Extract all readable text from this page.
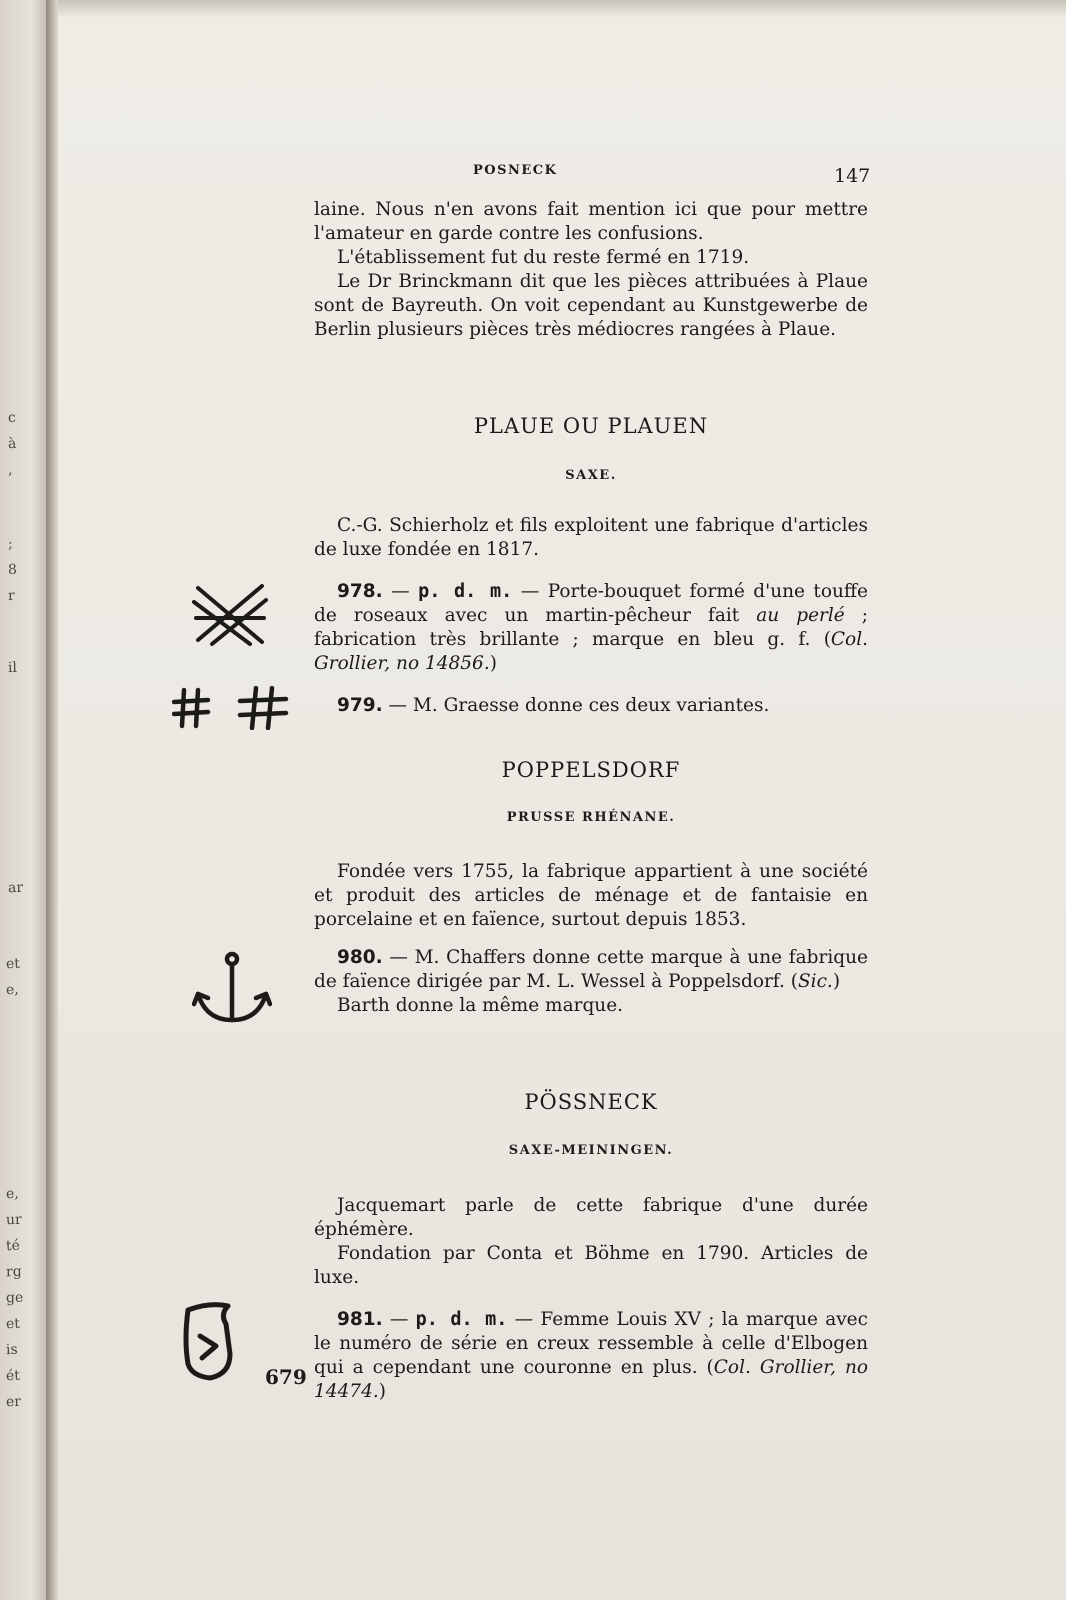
c
à
,
;
8
r
il
ar
et
e,
e,
ur
té
rg
ge
et
is
ét
er
POSNECK	147

laine. Nous n'en avons fait mention ici que pour mettre l'amateur en garde contre les confusions.

L'établissement fut du reste fermé en 1719.

Le Dr Brinckmann dit que les pièces attribuées à Plaue sont de Bayreuth. On voit cependant au Kunstgewerbe de Berlin plusieurs pièces très médiocres rangées à Plaue.

PLAUE OU PLAUEN
SAXE.

C.-G. Schierholz et fils exploitent une fabrique d'articles de luxe fondée en 1817.

978. — p. d. m. — Porte-bouquet formé d'une touffe de roseaux avec un martin-pêcheur fait au perlé ; fabrication très brillante ; marque en bleu g. f. (Col. Grollier, no 14856.)

979. — M. Graesse donne ces deux variantes.

POPPELSDORF
PRUSSE RHÉNANE.

Fondée vers 1755, la fabrique appartient à une société et produit des articles de ménage et de fantaisie en porcelaine et en faïence, surtout depuis 1853.

980. — M. Chaffers donne cette marque à une fabrique de faïence dirigée par M. L. Wessel à Poppelsdorf. (Sic.)

Barth donne la même marque.

PÖSSNECK
SAXE-MEININGEN.

Jacquemart parle de cette fabrique d'une durée éphémère.

Fondation par Conta et Böhme en 1790. Articles de luxe.

981. — p. d. m. — Femme Louis XV ; la marque avec le numéro de série en creux ressemble à celle d'Elbogen qui a cependant une couronne en plus. (Col. Grollier, no 14474.)

679
